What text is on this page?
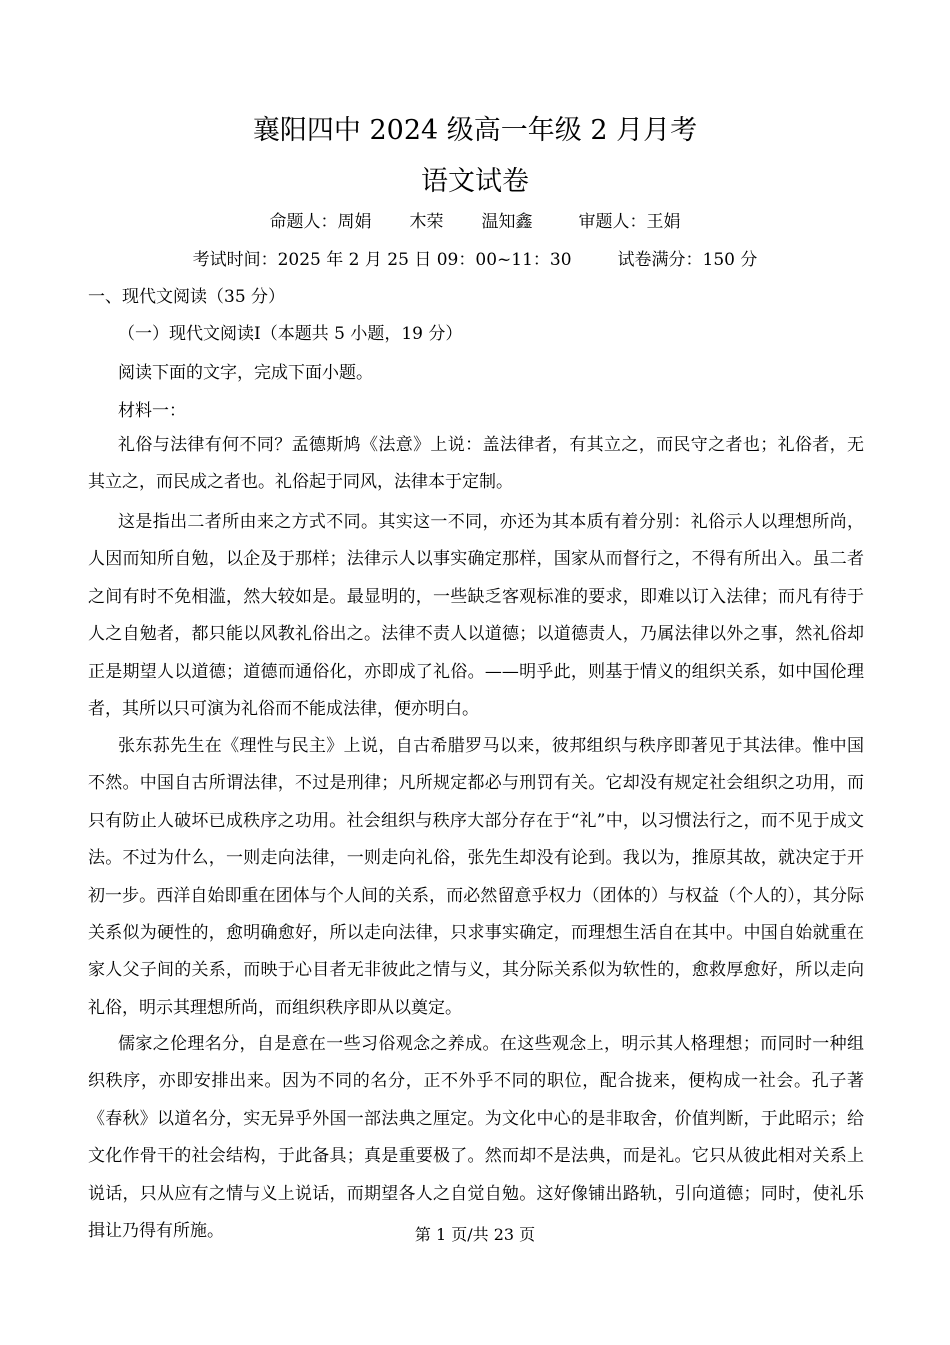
襄阳四中 2024 级高一年级 2 月月考
语文试卷
命题人：周娟 木荣 温知鑫	审题人：王娟
考试时间：2025 年 2 月 25 日 09：00~11：30	试卷满分：150 分
一、现代文阅读（35 分）
（一）现代文阅读Ⅰ（本题共 5 小题，19 分）
阅读下面的文字，完成下面小题。
材料一：
礼俗与法律有何不同？孟德斯鸠《法意》上说：盖法律者，有其立之，而民守之者也；礼俗者，无其立之，而民成之者也。礼俗起于同风，法律本于定制。
这是指出二者所由来之方式不同。其实这一不同，亦还为其本质有着分别：礼俗示人以理想所尚，人因而知所自勉，以企及于那样；法律示人以事实确定那样，国家从而督行之，不得有所出入。虽二者之间有时不免相滥，然大较如是。最显明的，一些缺乏客观标准的要求，即难以订入法律；而凡有待于人之自勉者，都只能以风教礼俗出之。法律不责人以道德；以道德责人，乃属法律以外之事，然礼俗却正是期望人以道德；道德而通俗化，亦即成了礼俗。——明乎此，则基于情义的组织关系，如中国伦理者，其所以只可演为礼俗而不能成法律，便亦明白。
张东荪先生在《理性与民主》上说，自古希腊罗马以来，彼邦组织与秩序即著见于其法律。惟中国不然。中国自古所谓法律，不过是刑律；凡所规定都必与刑罚有关。它却没有规定社会组织之功用，而只有防止人破坏已成秩序之功用。社会组织与秩序大部分存在于“礼”中，以习惯法行之，而不见于成文法。不过为什么，一则走向法律，一则走向礼俗，张先生却没有论到。我以为，推原其故，就决定于开初一步。西洋自始即重在团体与个人间的关系，而必然留意乎权力（团体的）与权益（个人的），其分际关系似为硬性的，愈明确愈好，所以走向法律，只求事实确定，而理想生活自在其中。中国自始就重在家人父子间的关系，而映于心目者无非彼此之情与义，其分际关系似为软性的，愈救厚愈好，所以走向礼俗，明示其理想所尚，而组织秩序即从以奠定。
儒家之伦理名分，自是意在一些习俗观念之养成。在这些观念上，明示其人格理想；而同时一种组织秩序，亦即安排出来。因为不同的名分，正不外乎不同的职位，配合拢来，便构成一社会。孔子著《春秋》以道名分，实无异乎外国一部法典之厘定。为文化中心的是非取舍，价值判断，于此昭示；给文化作骨干的社会结构，于此备具；真是重要极了。然而却不是法典，而是礼。它只从彼此相对关系上说话，只从应有之情与义上说话，而期望各人之自觉自勉。这好像铺出路轨，引向道德；同时，使礼乐揖让乃得有所施。	第 1 页/共 23 页
